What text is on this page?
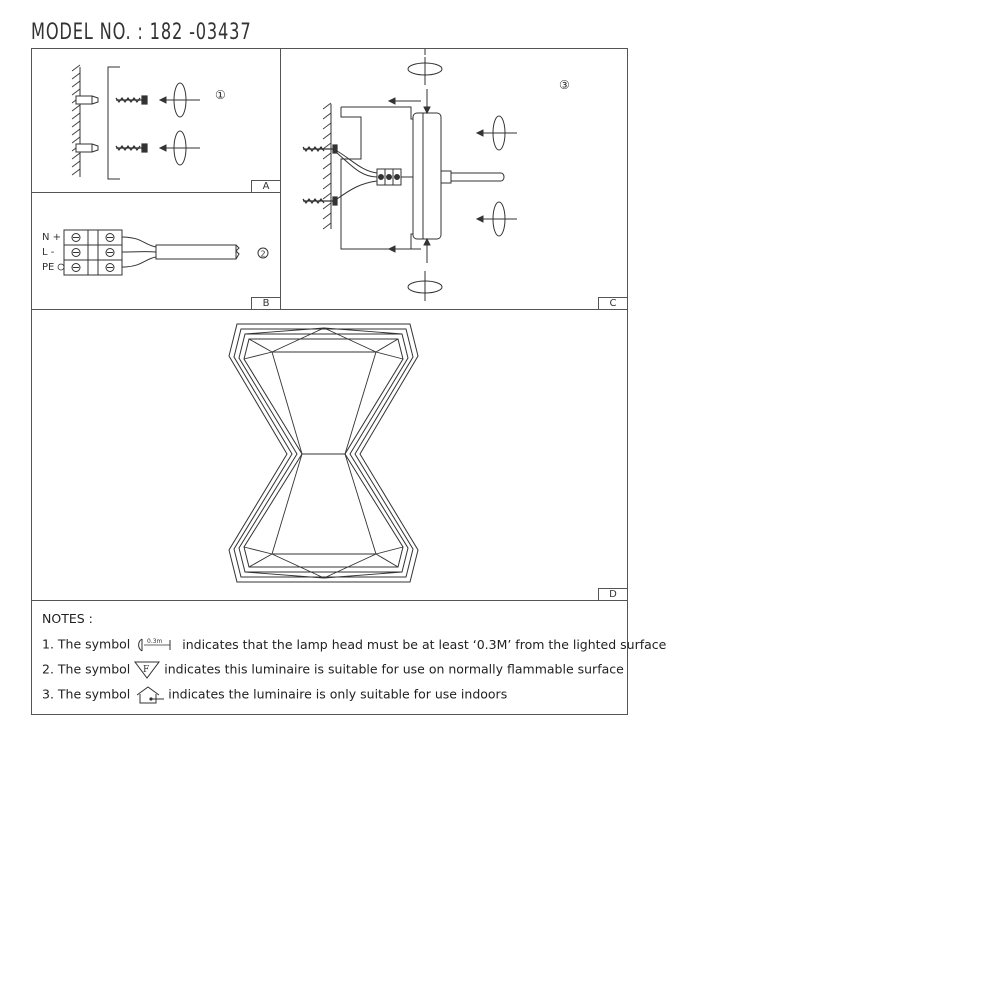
MODEL NO. : 182 -03437
①
A
2
N +
L -
PE
B
③
C
D
NOTES :
1. The symbol	0.3m indicates that the lamp head must be at least ‘0.3M’ from the lighted surface
2. The symbol F indicates this luminaire is suitable for use on normally flammable surface
3. The symbol	indicates the luminaire is only suitable for use indoors
